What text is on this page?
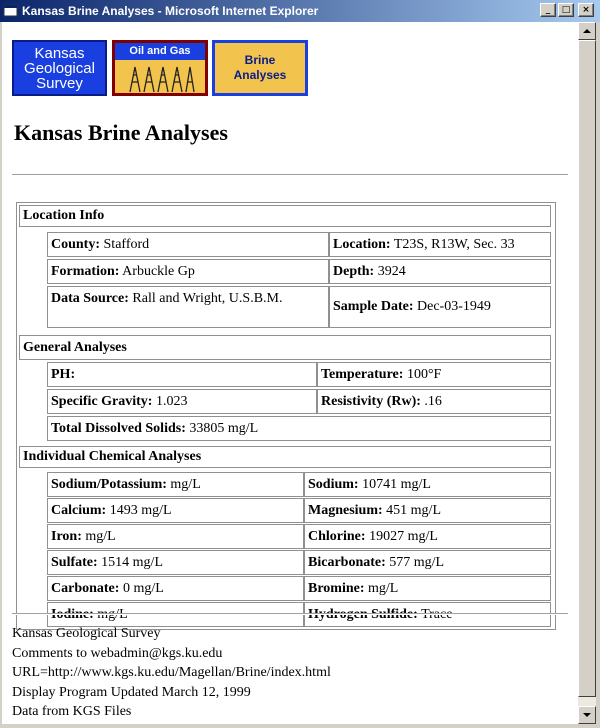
Kansas Brine Analyses - Microsoft Internet Explorer	_	□	×
Kansas
Geological
Survey
Oil and Gas
Brine
Analyses
Kansas Brine Analyses
Location Info
County: Stafford	Location: T23S, R13W, Sec. 33
Formation: Arbuckle Gp	Depth: 3924
Data Source: Rall and Wright, U.S.B.M.
Sample Date: Dec-03-1949
General Analyses
PH:	Temperature: 100°F
Specific Gravity: 1.023	Resistivity (Rw): .16
Total Dissolved Solids: 33805 mg/L
Individual Chemical Analyses
Sodium/Potassium: mg/L	Sodium: 10741 mg/L
Calcium: 1493 mg/L	Magnesium: 451 mg/L
Iron: mg/L	Chlorine: 19027 mg/L
Sulfate: 1514 mg/L	Bicarbonate: 577 mg/L
Carbonate: 0 mg/L	Bromine: mg/L
Iodine: mg/L	Hydrogen Sulfide: Trace
Kansas Geological Survey
Comments to webadmin@kgs.ku.edu
URL=http://www.kgs.ku.edu/Magellan/Brine/index.html
Display Program Updated March 12, 1999
Data from KGS Files
